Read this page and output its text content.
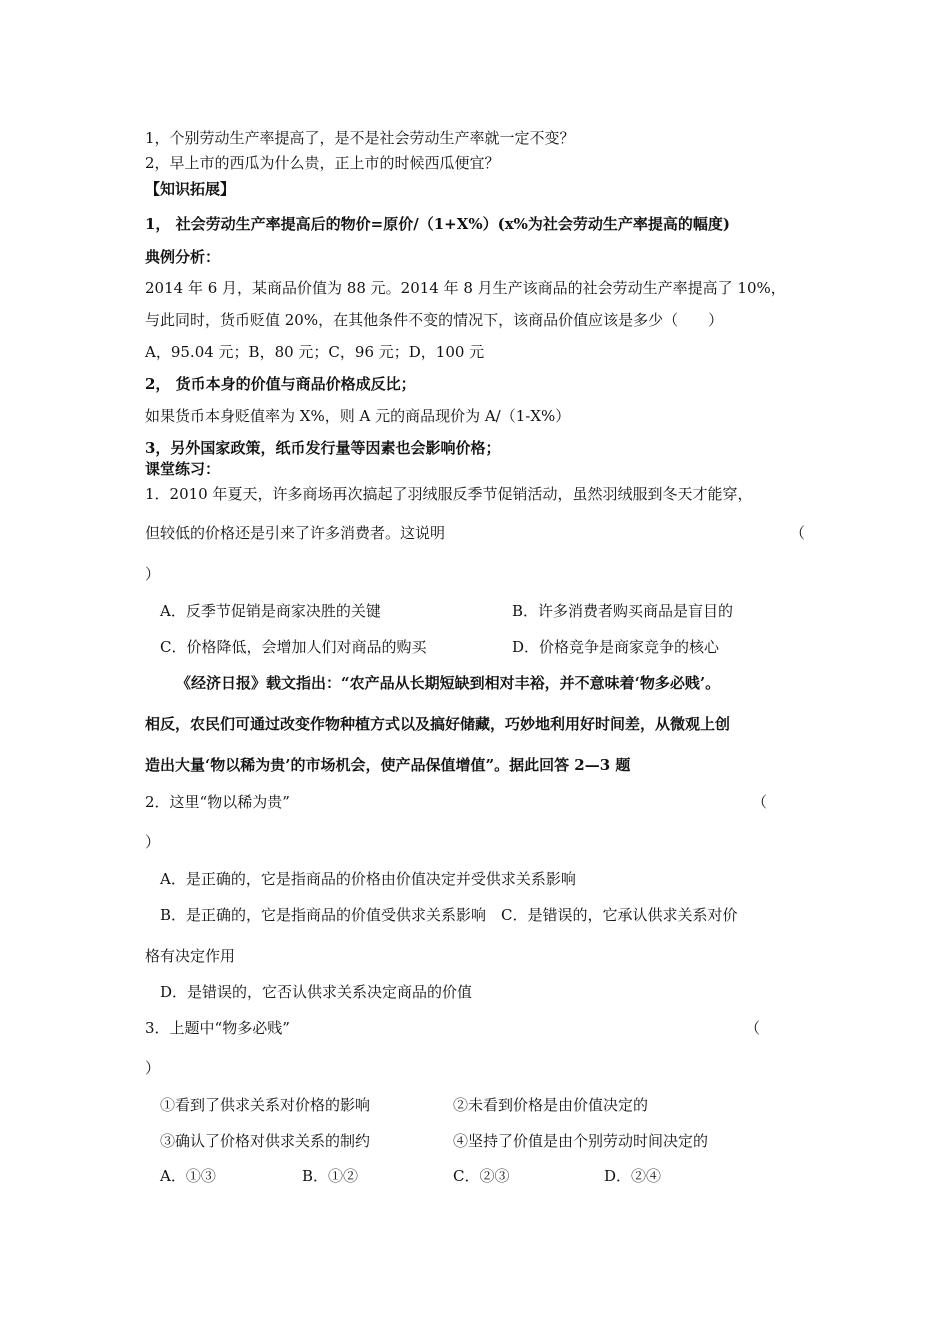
1，个别劳动生产率提高了，是不是社会劳动生产率就一定不变？
2，早上市的西瓜为什么贵，正上市的时候西瓜便宜？
【知识拓展】
1， 社会劳动生产率提高后的物价=原价/（1+X%）(x%为社会劳动生产率提高的幅度)
典例分析：
2014 年 6 月，某商品价值为 88 元。2014 年 8 月生产该商品的社会劳动生产率提高了 10%，
与此同时，货币贬值 20%，在其他条件不变的情况下，该商品价值应该是多少（　　）
A，95.04 元；B，80 元；C，96 元；D，100 元
2， 货币本身的价值与商品价格成反比；
如果货币本身贬值率为 X%，则 A 元的商品现价为 A/（1-X%）
3，另外国家政策，纸币发行量等因素也会影响价格；
课堂练习：
1．2010 年夏天，许多商场再次搞起了羽绒服反季节促销活动，虽然羽绒服到冬天才能穿，
但较低的价格还是引来了许多消费者。这说明	（
）
A．反季节促销是商家决胜的关键	B．许多消费者购买商品是盲目的
C．价格降低，会增加人们对商品的购买	D．价格竞争是商家竞争的核心
《经济日报》载文指出：“农产品从长期短缺到相对丰裕，并不意味着‘物多必贱’。
相反，农民们可通过改变作物种植方式以及搞好储藏，巧妙地利用好时间差，从微观上创
造出大量‘物以稀为贵’的市场机会，使产品保值增值”。据此回答 2—3 题
2．这里“物以稀为贵”	（
）
A．是正确的，它是指商品的价格由价值决定并受供求关系影响
B．是正确的，它是指商品的价值受供求关系影响　C．是错误的，它承认供求关系对价
格有决定作用
D．是错误的，它否认供求关系决定商品的价值
3．上题中“物多必贱”	（
）
①看到了供求关系对价格的影响	②未看到价格是由价值决定的
③确认了价格对供求关系的制约	④坚持了价值是由个别劳动时间决定的
A．①③	B．①②	C．②③	D．②④
